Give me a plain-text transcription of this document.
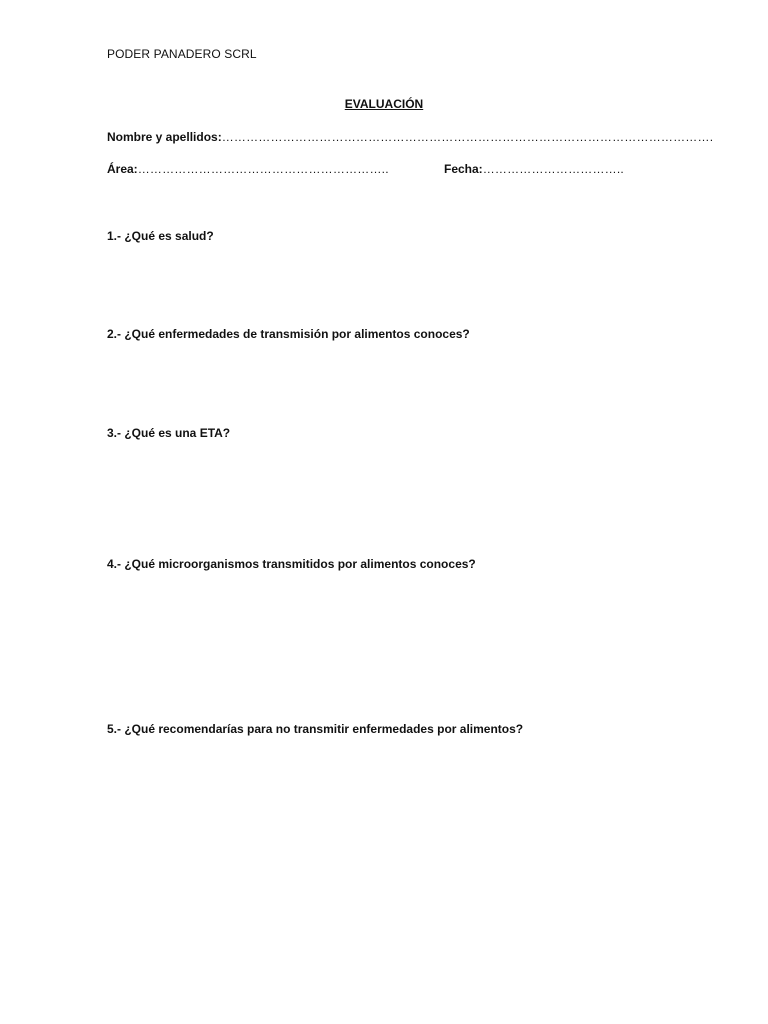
PODER PANADERO SCRL
EVALUACIÓN
Nombre y apellidos:………………………………………………………………………………………………………….
Área:……………………………………………………..	Fecha:……………………………..
1.- ¿Qué es salud?
2.- ¿Qué enfermedades de transmisión por alimentos conoces?
3.- ¿Qué es una ETA?
4.- ¿Qué microorganismos transmitidos por alimentos conoces?
5.- ¿Qué recomendarías para no transmitir enfermedades por alimentos?
